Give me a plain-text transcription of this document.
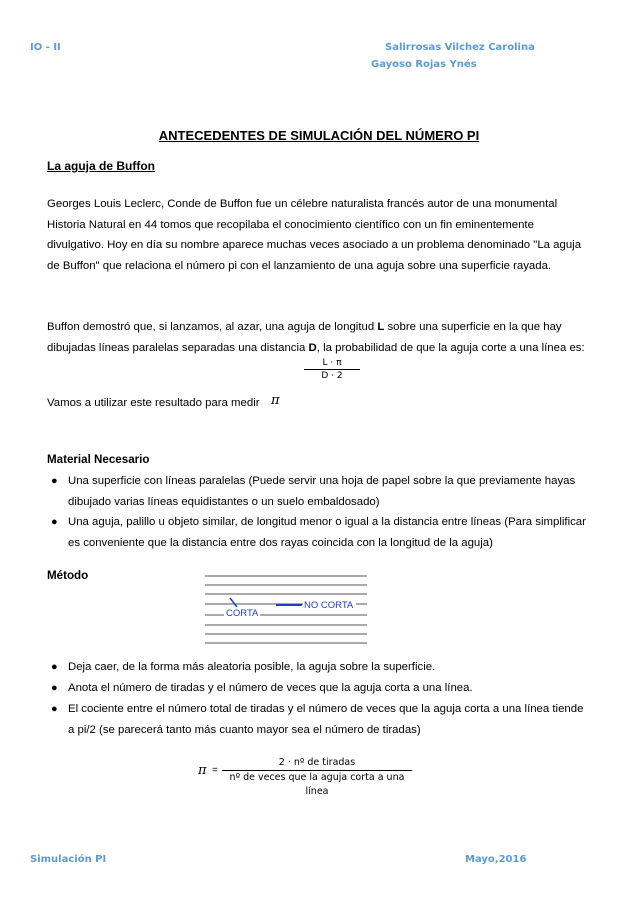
IO - II	Salirrosas Vilchez Carolina
Gayoso Rojas Ynés
ANTECEDENTES DE SIMULACIÓN DEL NÚMERO PI
La aguja de Buffon

Georges Louis Leclerc, Conde de Buffon fue un célebre naturalista francés autor de una monumental Historia Natural en 44 tomos que recopilaba el conocimiento científico con un fin eminentemente divulgativo. Hoy en día su nombre aparece muchas veces asociado a un problema denominado "La aguja de Buffon" que relaciona el número pi con el lanzamiento de una aguja sobre una superficie rayada.

Buffon demostró que, si lanzamos, al azar, una aguja de longitud L sobre una superficie en la que hay dibujadas líneas paralelas separadas una distancia D, la probabilidad de que la aguja corte a una línea es:

$\frac{L \cdot \pi}{D \cdot 2}$
Vamos a utilizar este resultado para medir π
Material Necesario
● Una superficie con líneas paralelas (Puede servir una hoja de papel sobre la que previamente hayas dibujado varias líneas equidistantes o un suelo embaldosado)
● Una aguja, palillo u objeto similar, de longitud menor o igual a la distancia entre líneas (Para simplificar es conveniente que la distancia entre dos rayas coincida con la longitud de la aguja)
Método
CORTA
NO CORTA
● Deja caer, de la forma más aleatoria posible, la aguja sobre la superficie.
● Anota el número de tiradas y el número de veces que la aguja corta a una línea.
● El cociente entre el número total de tiradas y el número de veces que la aguja corta a una línea tiende a pi/2 (se parecerá tanto más cuanto mayor sea el número de tiradas)
π =
2 · nº de tiradas
nº de veces que la aguja corta a una línea
Simulación PI	Mayo,2016
